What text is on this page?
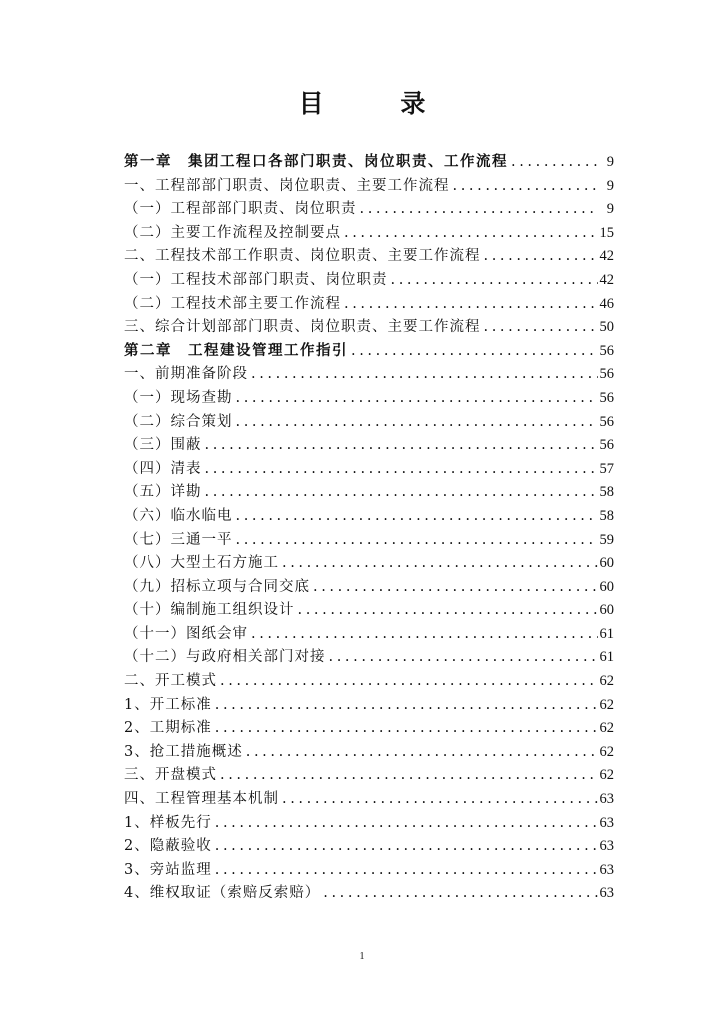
目 录
第一章　集团工程口各部门职责、岗位职责、工作流程 .....	9
一、工程部部门职责、岗位职责、主要工作流程 .....	9
（一）工程部部门职责、岗位职责 .....	9
（二）主要工作流程及控制要点 .....	15
二、工程技术部工作职责、岗位职责、主要工作流程 .....	42
（一）工程技术部部门职责、岗位职责 .....	42
（二）工程技术部主要工作流程 .....	46
三、综合计划部部门职责、岗位职责、主要工作流程 .....	50
第二章　工程建设管理工作指引 .....	56
一、前期准备阶段 .....	56
（一）现场查勘 .....	56
（二）综合策划 .....	56
（三）围蔽 .....	56
（四）清表 .....	57
（五）详勘 .....	58
（六）临水临电 .....	58
（七）三通一平 .....	59
（八）大型土石方施工 .....	60
（九）招标立项与合同交底 .....	60
（十）编制施工组织设计 .....	60
（十一）图纸会审 .....	61
（十二）与政府相关部门对接 .....	61
二、开工模式 .....	62
1、开工标准 .....	62
2、工期标准 .....	62
3、抢工措施概述 .....	62
三、开盘模式 .....	62
四、工程管理基本机制 .....	63
1、样板先行 .....	63
2、隐蔽验收 .....	63
3、旁站监理 .....	63
4、维权取证（索赔反索赔） .....	63
1
